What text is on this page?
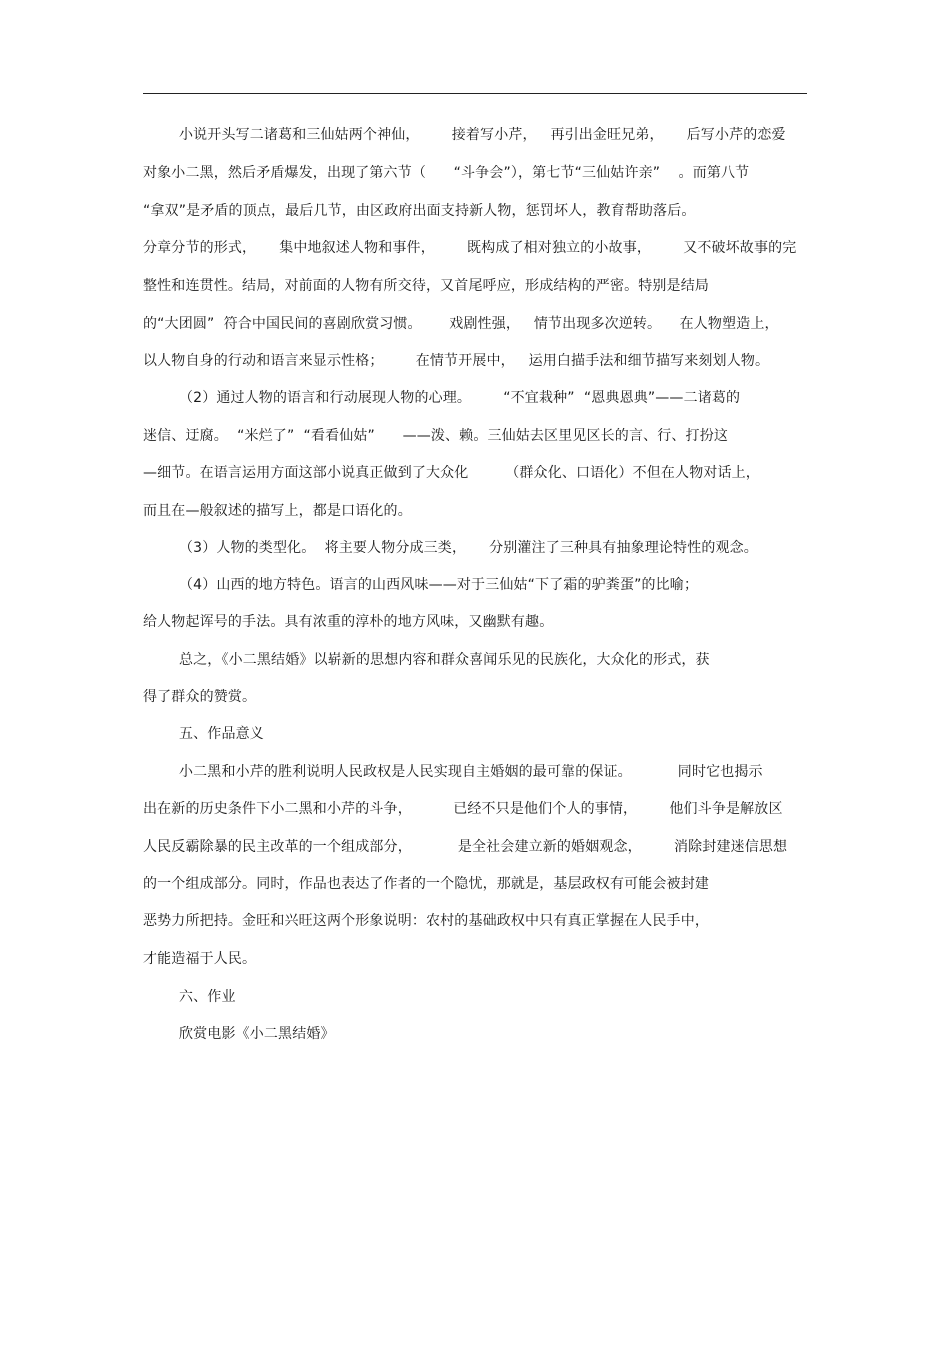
小说开头写二诸葛和三仙姑两个神仙，       接着写小芹，   再引出金旺兄弟，     后写小芹的恋爱
对象小二黑，然后矛盾爆发，出现了第六节（      “斗争会”），第七节“三仙姑许亲”    。而第八节
“拿双”是矛盾的顶点，最后几节，由区政府出面支持新人物，惩罚坏人，教育帮助落后。
分章分节的形式，     集中地叙述人物和事件，       既构成了相对独立的小故事，       又不破坏故事的完
整性和连贯性。结局，对前面的人物有所交待，又首尾呼应，形成结构的严密。特别是结局
的“大团圆”  符合中国民间的喜剧欣赏习惯。      戏剧性强，   情节出现多次逆转。    在人物塑造上，
以人物自身的行动和语言来显示性格；       在情节开展中，   运用白描手法和细节描写来刻划人物。
（2）通过人物的语言和行动展现人物的心理。       “不宜栽种”  “恩典恩典”——二诸葛的
迷信、迂腐。  “米烂了”  “看看仙姑”      ——泼、赖。三仙姑去区里见区长的言、行、打扮这
—细节。在语言运用方面这部小说真正做到了大众化        （群众化、口语化）不但在人物对话上，
而且在—般叙述的描写上，都是口语化的。
（3）人物的类型化。  将主要人物分成三类，     分别灌注了三种具有抽象理论特性的观念。
（4）山西的地方特色。语言的山西风味——对于三仙姑“下了霜的驴粪蛋”的比喻；
给人物起诨号的手法。具有浓重的淳朴的地方风味，又幽默有趣。
总之，《小二黑结婚》以崭新的思想内容和群众喜闻乐见的民族化，大众化的形式，获
得了群众的赞赏。
五、作品意义
小二黑和小芹的胜利说明人民政权是人民实现自主婚姻的最可靠的保证。          同时它也揭示
出在新的历史条件下小二黑和小芹的斗争，         已经不只是他们个人的事情，       他们斗争是解放区
人民反霸除暴的民主改革的一个组成部分，          是全社会建立新的婚姻观念，       消除封建迷信思想
的一个组成部分。同时，作品也表达了作者的一个隐忧，那就是，基层政权有可能会被封建
恶势力所把持。金旺和兴旺这两个形象说明：农村的基础政权中只有真正掌握在人民手中，
才能造福于人民。
六、作业
欣赏电影《小二黑结婚》
